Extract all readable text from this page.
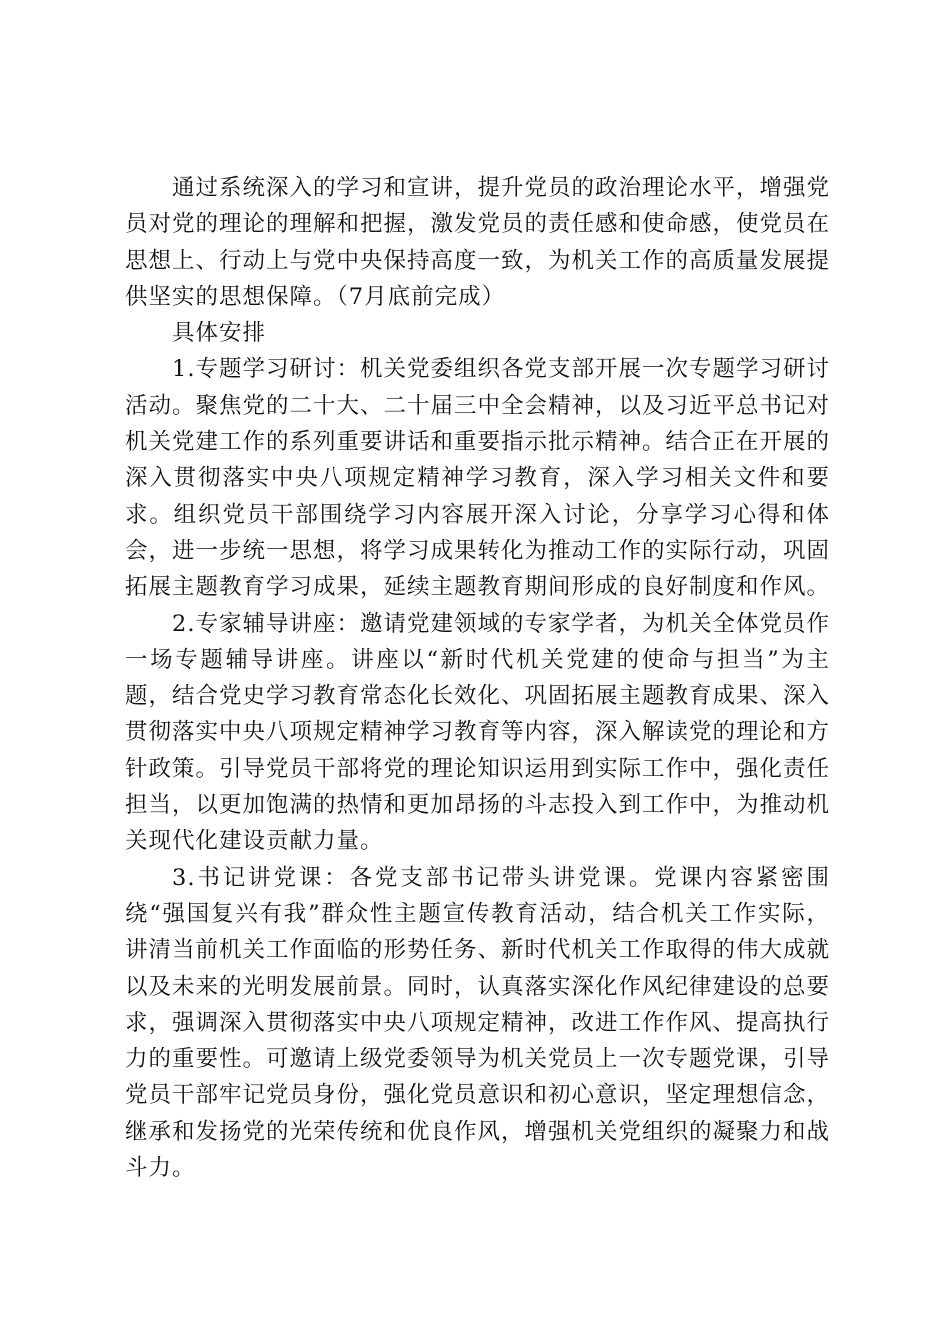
通过系统深入的学习和宣讲，提升党员的政治理论水平，增强党员对党的理论的理解和把握，激发党员的责任感和使命感，使党员在思想上、行动上与党中央保持高度一致，为机关工作的高质量发展提供坚实的思想保障。（7月底前完成）

具体安排

1.专题学习研讨：机关党委组织各党支部开展一次专题学习研讨活动。聚焦党的二十大、二十届三中全会精神，以及习近平总书记对机关党建工作的系列重要讲话和重要指示批示精神。结合正在开展的深入贯彻落实中央八项规定精神学习教育，深入学习相关文件和要求。组织党员干部围绕学习内容展开深入讨论，分享学习心得和体会，进一步统一思想，将学习成果转化为推动工作的实际行动，巩固拓展主题教育学习成果，延续主题教育期间形成的良好制度和作风。

2.专家辅导讲座：邀请党建领域的专家学者，为机关全体党员作一场专题辅导讲座。讲座以“新时代机关党建的使命与担当”为主题，结合党史学习教育常态化长效化、巩固拓展主题教育成果、深入贯彻落实中央八项规定精神学习教育等内容，深入解读党的理论和方针政策。引导党员干部将党的理论知识运用到实际工作中，强化责任担当，以更加饱满的热情和更加昂扬的斗志投入到工作中，为推动机关现代化建设贡献力量。

3.书记讲党课：各党支部书记带头讲党课。党课内容紧密围绕“强国复兴有我”群众性主题宣传教育活动，结合机关工作实际，讲清当前机关工作面临的形势任务、新时代机关工作取得的伟大成就以及未来的光明发展前景。同时，认真落实深化作风纪律建设的总要求，强调深入贯彻落实中央八项规定精神，改进工作作风、提高执行力的重要性。可邀请上级党委领导为机关党员上一次专题党课，引导党员干部牢记党员身份，强化党员意识和初心意识，坚定理想信念，继承和发扬党的光荣传统和优良作风，增强机关党组织的凝聚力和战斗力。
